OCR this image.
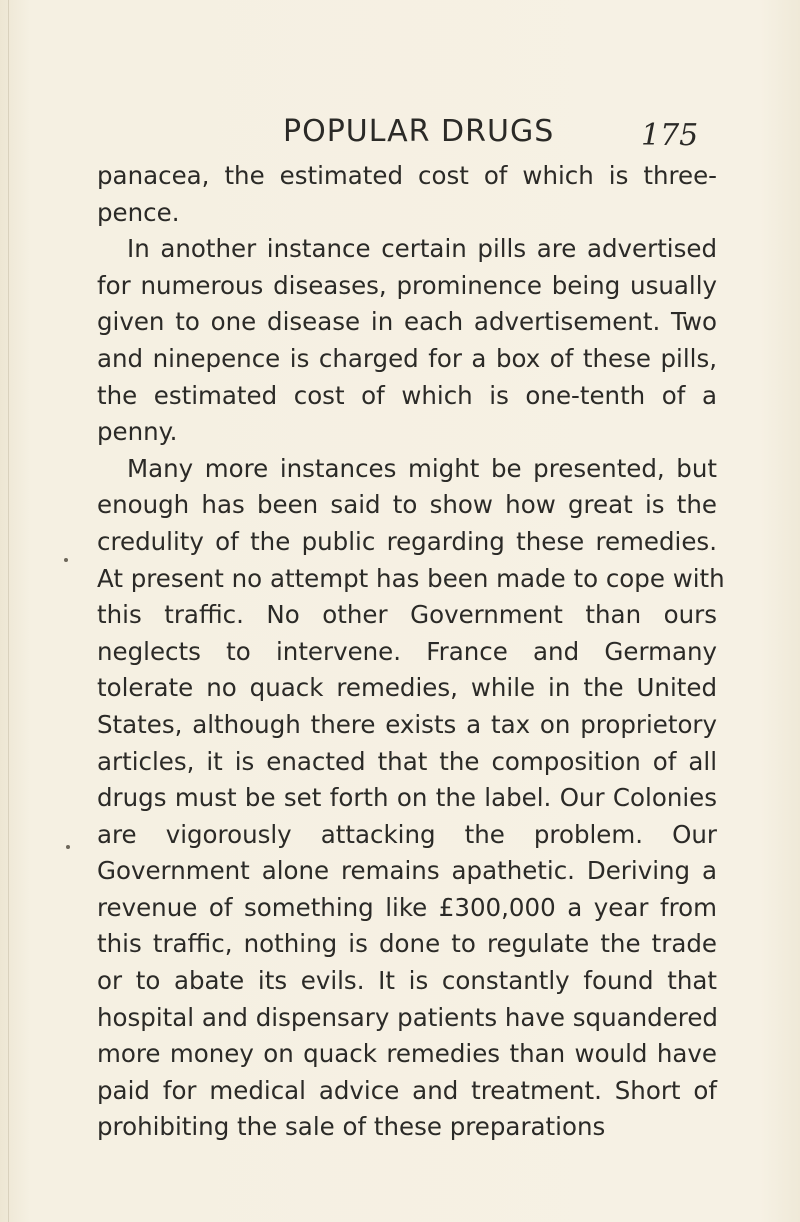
POPULAR DRUGS	175
panacea, the estimated cost of which is three-
pence.
In another instance certain pills are advertised
for numerous diseases, prominence being usually
given to one disease in each advertisement. Two
and ninepence is charged for a box of these pills,
the estimated cost of which is one-tenth of a
penny.
Many more instances might be presented, but
enough has been said to show how great is the
credulity of the public regarding these remedies.
At present no attempt has been made to cope with
this traffic. No other Government than ours
neglects to intervene. France and Germany
tolerate no quack remedies, while in the United
States, although there exists a tax on proprietory
articles, it is enacted that the composition of all
drugs must be set forth on the label. Our Colonies
are vigorously attacking the problem. Our
Government alone remains apathetic. Deriving a
revenue of something like £300,000 a year from
this traffic, nothing is done to regulate the trade
or to abate its evils. It is constantly found that
hospital and dispensary patients have squandered
more money on quack remedies than would have
paid for medical advice and treatment. Short of
prohibiting the sale of these preparations
